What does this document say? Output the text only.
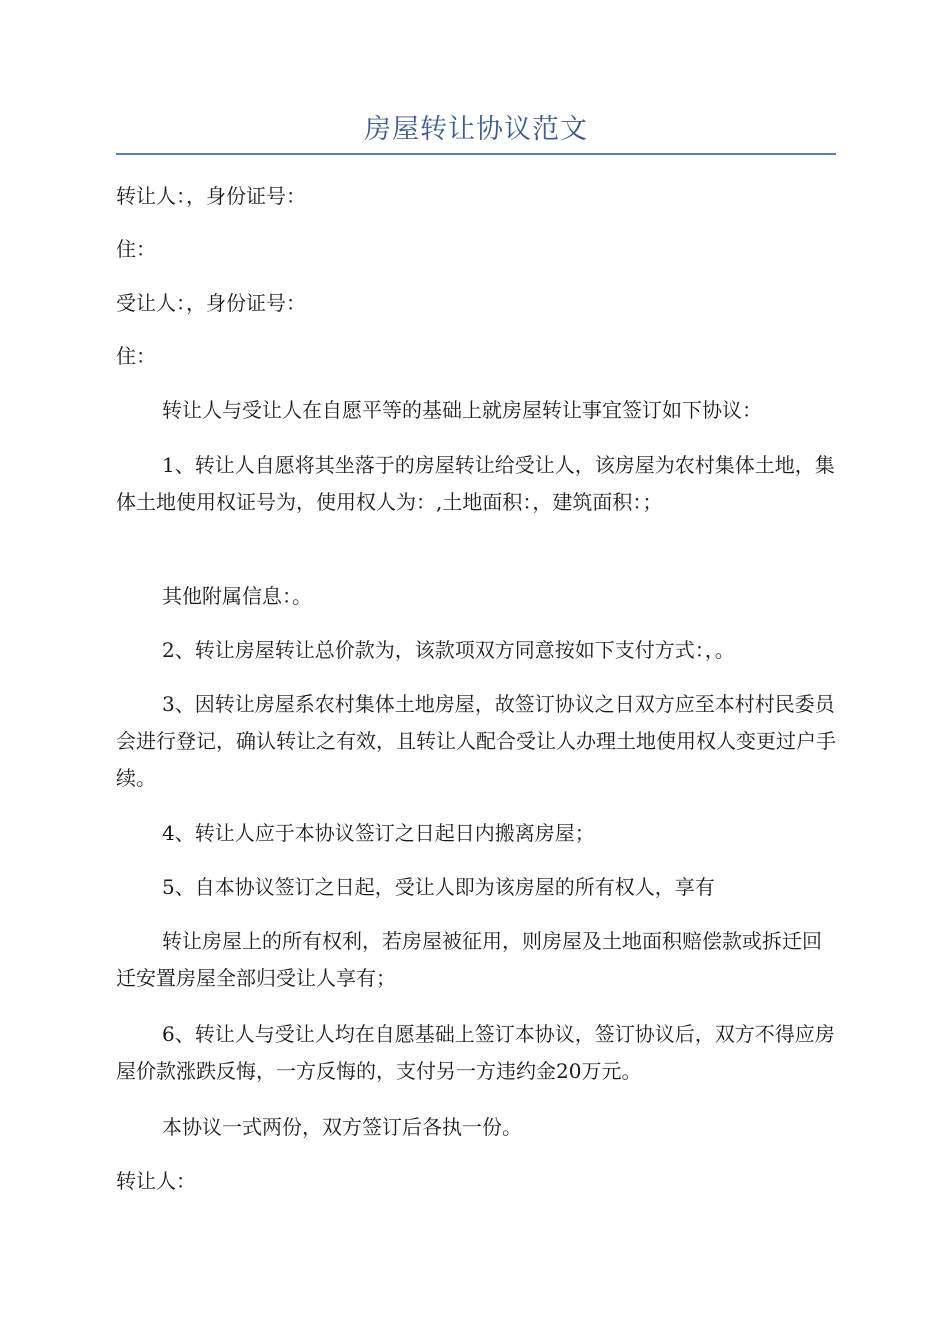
房屋转让协议范文

转让人：，身份证号：

住：

受让人：，身份证号：

住：

转让人与受让人在自愿平等的基础上就房屋转让事宜签订如下协议：

1、转让人自愿将其坐落于的房屋转让给受让人，该房屋为农村集体土地，集体土地使用权证号为，使用权人为：,土地面积：，建筑面积：；

其他附属信息：。

2、转让房屋转让总价款为，该款项双方同意按如下支付方式：，。

3、因转让房屋系农村集体土地房屋，故签订协议之日双方应至本村村民委员会进行登记，确认转让之有效，且转让人配合受让人办理土地使用权人变更过户手续。

4、转让人应于本协议签订之日起日内搬离房屋；

5、自本协议签订之日起，受让人即为该房屋的所有权人，享有

转让房屋上的所有权利，若房屋被征用，则房屋及土地面积赔偿款或拆迁回迁安置房屋全部归受让人享有；

6、转让人与受让人均在自愿基础上签订本协议，签订协议后，双方不得应房屋价款涨跌反悔，一方反悔的，支付另一方违约金20万元。

本协议一式两份，双方签订后各执一份。

转让人：
